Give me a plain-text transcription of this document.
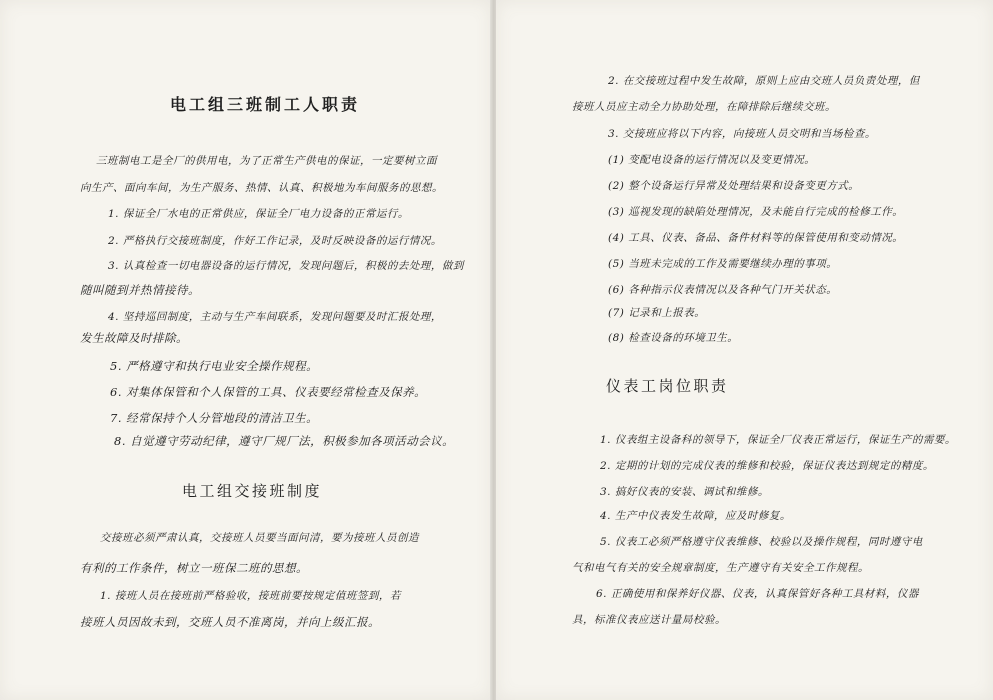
电工组三班制工人职责
三班制电工是全厂的供用电，为了正常生产供电的保证，一定要树立面
向生产、面向车间，为生产服务、热情、认真、积极地为车间服务的思想。
1. 保证全厂水电的正常供应，保证全厂电力设备的正常运行。
2. 严格执行交接班制度，作好工作记录，及时反映设备的运行情况。
3. 认真检查一切电器设备的运行情况，发现问题后，积极的去处理，做到
随叫随到并热情接待。
4. 坚持巡回制度，主动与生产车间联系，发现问题要及时汇报处理，
发生故障及时排除。
5. 严格遵守和执行电业安全操作规程。
6. 对集体保管和个人保管的工具、仪表要经常检查及保养。
7. 经常保持个人分管地段的清洁卫生。
8. 自觉遵守劳动纪律，遵守厂规厂法，积极参加各项活动会议。
电工组交接班制度
交接班必须严肃认真，交接班人员要当面问清，要为接班人员创造
有利的工作条件，树立一班保二班的思想。
1. 接班人员在接班前严格验收，接班前要按规定值班签到，若
接班人员因故未到，交班人员不准离岗，并向上级汇报。
2. 在交接班过程中发生故障，原则上应由交班人员负责处理，但
接班人员应主动全力协助处理，在障排除后继续交班。
3. 交接班应将以下内容，向接班人员交明和当场检查。
(1) 变配电设备的运行情况以及变更情况。
(2) 整个设备运行异常及处理结果和设备变更方式。
(3) 巡视发现的缺陷处理情况，及未能自行完成的检修工作。
(4) 工具、仪表、备品、备件材料等的保管使用和变动情况。
(5) 当班未完成的工作及需要继续办理的事项。
(6) 各种指示仪表情况以及各种气门开关状态。
(7) 记录和上报表。
(8) 检查设备的环境卫生。
仪表工岗位职责
1. 仪表组主设备科的领导下，保证全厂仪表正常运行，保证生产的需要。
2. 定期的计划的完成仪表的维修和校验，保证仪表达到规定的精度。
3. 搞好仪表的安装、调试和维修。
4. 生产中仪表发生故障，应及时修复。
5. 仪表工必须严格遵守仪表维修、校验以及操作规程，同时遵守电
气和电气有关的安全规章制度，生产遵守有关安全工作规程。
6. 正确使用和保养好仪器、仪表，认真保管好各种工具材料，仪器
具，标准仪表应送计量局校验。
